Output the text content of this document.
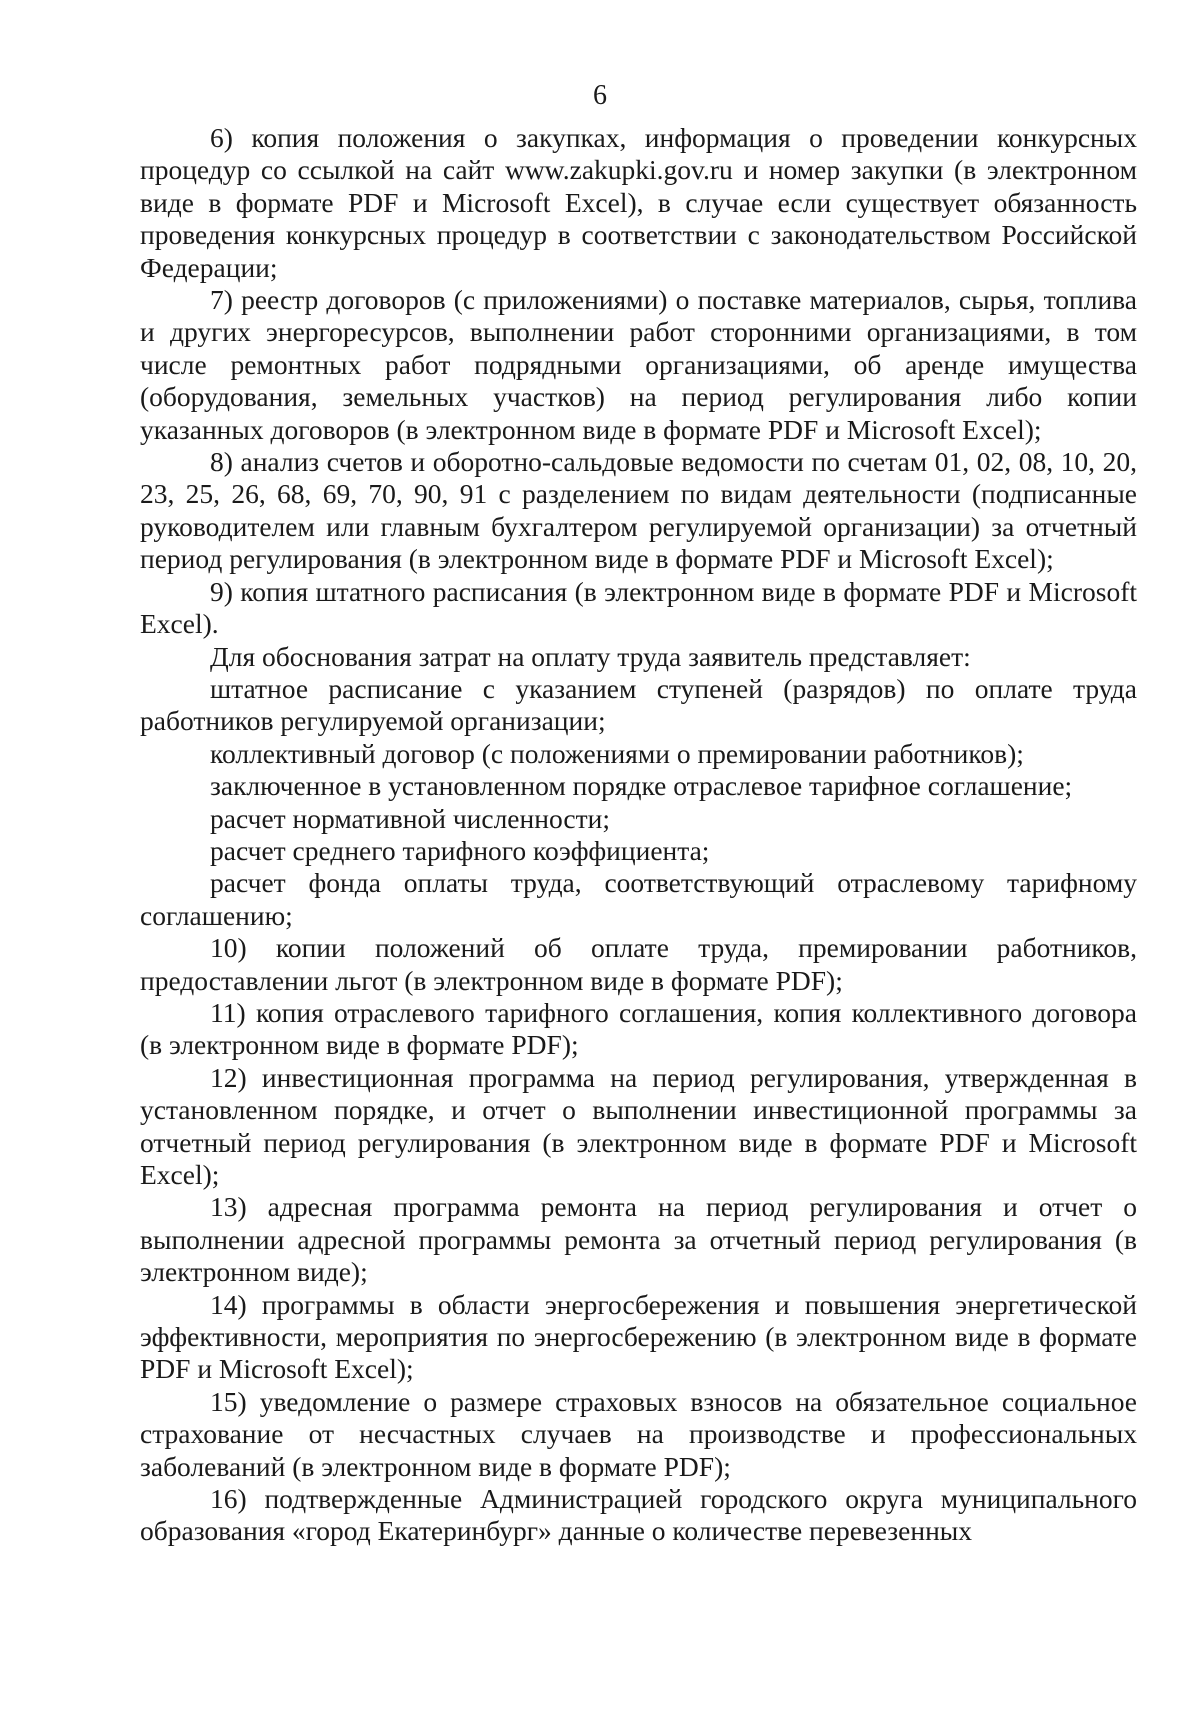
6

6) копия положения о закупках, информация о проведении конкурсных процедур со ссылкой на сайт www.zakupki.gov.ru и номер закупки (в электронном виде в формате PDF и Microsoft Excel), в случае если существует обязанность проведения конкурсных процедур в соответствии с законодательством Российской Федерации;

7) реестр договоров (с приложениями) о поставке материалов, сырья, топлива и других энергоресурсов, выполнении работ сторонними организациями, в том числе ремонтных работ подрядными организациями, об аренде имущества (оборудования, земельных участков) на период регулирования либо копии указанных договоров (в электронном виде в формате PDF и Microsoft Excel);

8) анализ счетов и оборотно-сальдовые ведомости по счетам 01, 02, 08, 10, 20, 23, 25, 26, 68, 69, 70, 90, 91 с разделением по видам деятельности (подписанные руководителем или главным бухгалтером регулируемой организации) за отчетный период регулирования (в электронном виде в формате PDF и Microsoft Excel);

9) копия штатного расписания (в электронном виде в формате PDF и Microsoft Excel).

Для обоснования затрат на оплату труда заявитель представляет:

штатное расписание с указанием ступеней (разрядов) по оплате труда работников регулируемой организации;

коллективный договор (с положениями о премировании работников);

заключенное в установленном порядке отраслевое тарифное соглашение;

расчет нормативной численности;

расчет среднего тарифного коэффициента;

расчет фонда оплаты труда, соответствующий отраслевому тарифному соглашению;

10) копии положений об оплате труда, премировании работников, предоставлении льгот (в электронном виде в формате PDF);

11) копия отраслевого тарифного соглашения, копия коллективного договора (в электронном виде в формате PDF);

12) инвестиционная программа на период регулирования, утвержденная в установленном порядке, и отчет о выполнении инвестиционной программы за отчетный период регулирования (в электронном виде в формате PDF и Microsoft Excel);

13) адресная программа ремонта на период регулирования и отчет о выполнении адресной программы ремонта за отчетный период регулирования (в электронном виде);

14) программы в области энергосбережения и повышения энергетической эффективности, мероприятия по энергосбережению (в электронном виде в формате PDF и Microsoft Excel);

15) уведомление о размере страховых взносов на обязательное социальное страхование от несчастных случаев на производстве и профессиональных заболеваний (в электронном виде в формате PDF);

16) подтвержденные Администрацией городского округа муниципального образования «город Екатеринбург» данные о количестве перевезенных
